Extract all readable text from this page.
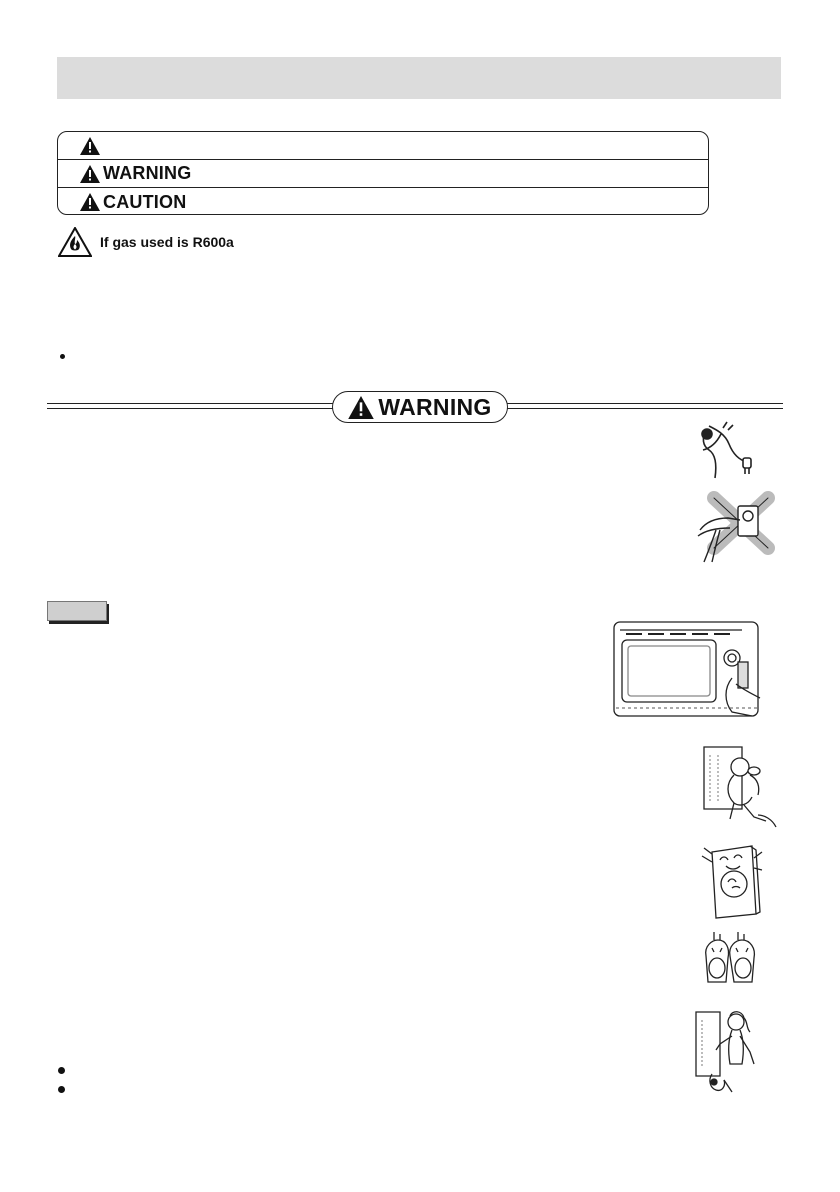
WARNING
CAUTION
If gas used is R600a
WARNING
